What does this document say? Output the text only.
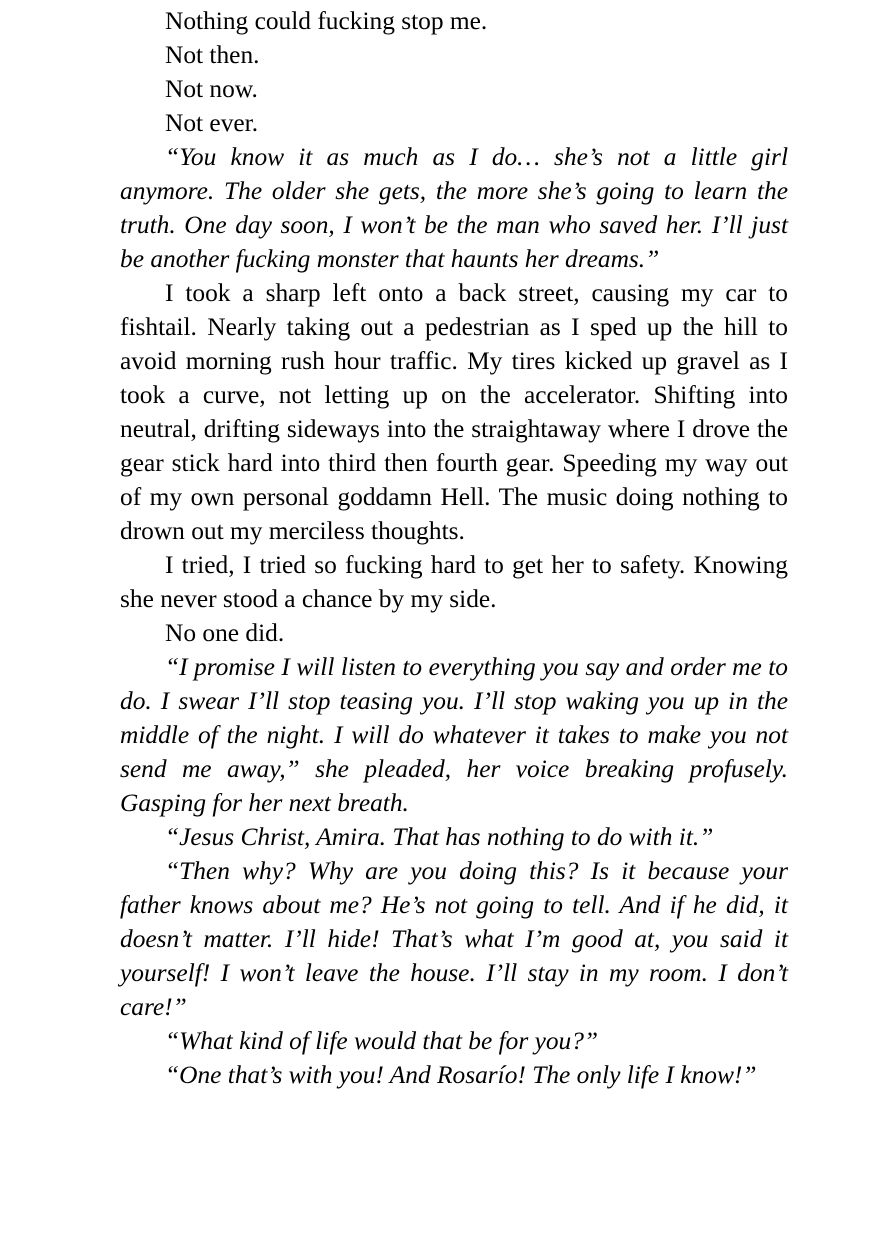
Nothing could fucking stop me.

Not then.

Not now.

Not ever.

“You know it as much as I do… she’s not a little girl anymore. The older she gets, the more she’s going to learn the truth. One day soon, I won’t be the man who saved her. I’ll just be another fucking monster that haunts her dreams.”

I took a sharp left onto a back street, causing my car to fishtail. Nearly taking out a pedestrian as I sped up the hill to avoid morning rush hour traffic. My tires kicked up gravel as I took a curve, not letting up on the accelerator. Shifting into neutral, drifting sideways into the straightaway where I drove the gear stick hard into third then fourth gear. Speeding my way out of my own personal goddamn Hell. The music doing nothing to drown out my merciless thoughts.

I tried, I tried so fucking hard to get her to safety. Knowing she never stood a chance by my side.

No one did.

“I promise I will listen to everything you say and order me to do. I swear I’ll stop teasing you. I’ll stop waking you up in the middle of the night. I will do whatever it takes to make you not send me away,” she pleaded, her voice breaking profusely. Gasping for her next breath.

“Jesus Christ, Amira. That has nothing to do with it.”

“Then why? Why are you doing this? Is it because your father knows about me? He’s not going to tell. And if he did, it doesn’t matter. I’ll hide! That’s what I’m good at, you said it yourself! I won’t leave the house. I’ll stay in my room. I don’t care!”

“What kind of life would that be for you?”

“One that’s with you! And Rosarío! The only life I know!”
